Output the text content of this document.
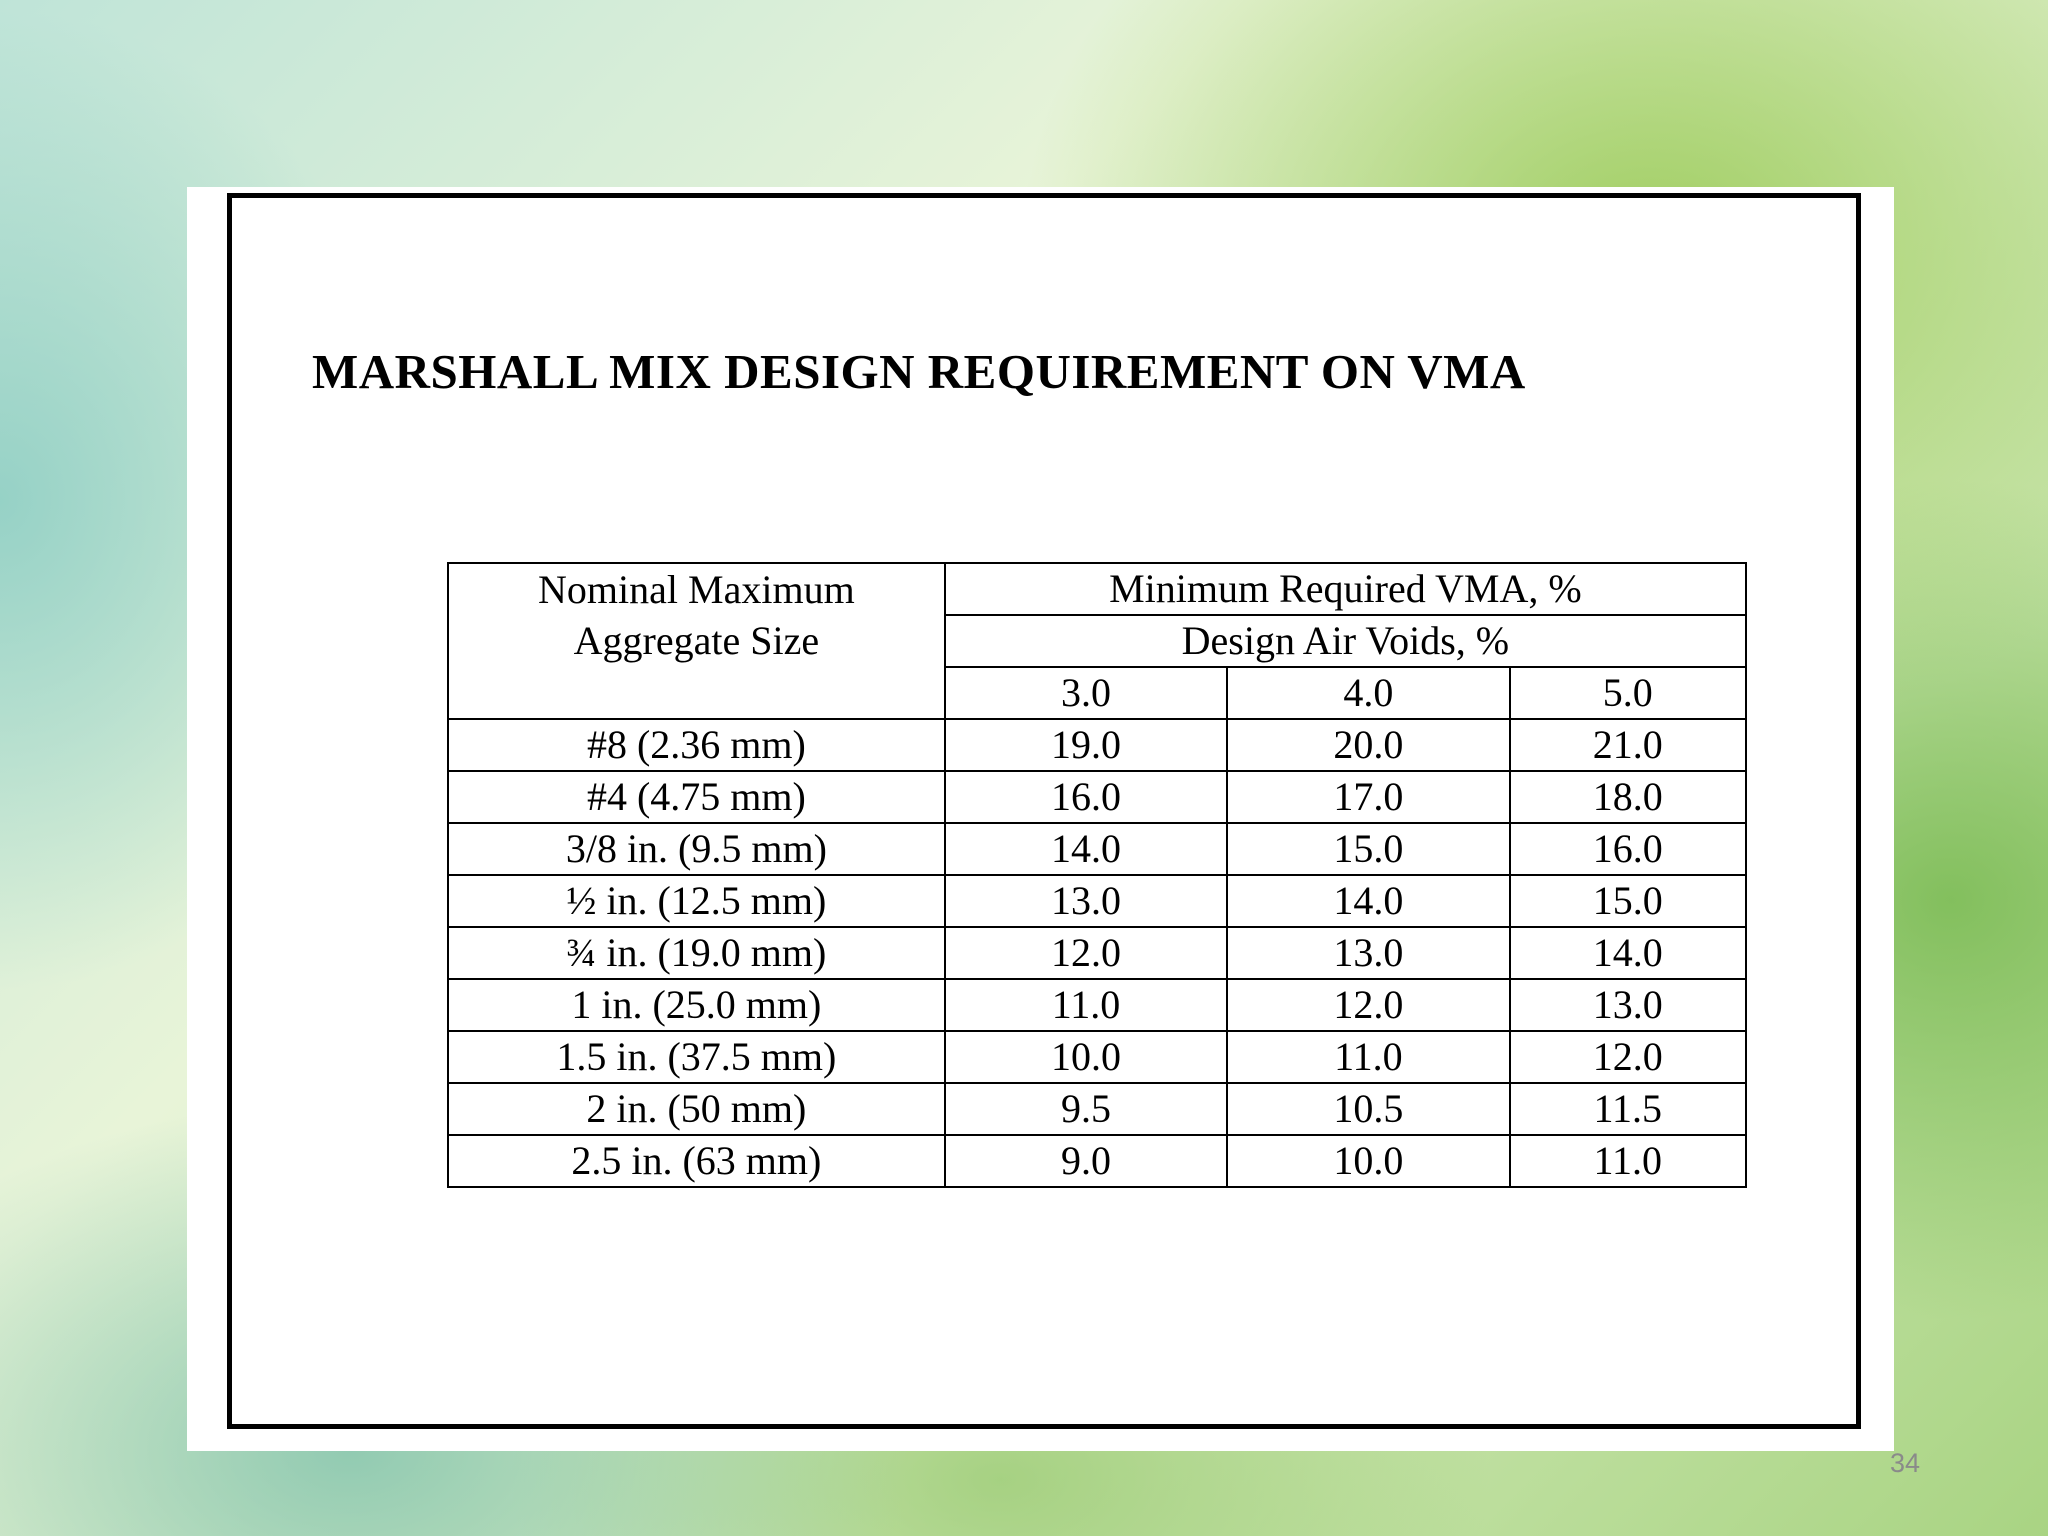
MARSHALL MIX DESIGN REQUIREMENT ON VMA
Nominal Maximum
Aggregate Size	Minimum Required VMA, %		
	Design Air Voids, %		
	3.0	4.0	5.0
#8 (2.36 mm)	19.0	20.0	21.0
#4 (4.75 mm)	16.0	17.0	18.0
3/8 in. (9.5 mm)	14.0	15.0	16.0
½ in. (12.5 mm)	13.0	14.0	15.0
¾ in. (19.0 mm)	12.0	13.0	14.0
1 in. (25.0 mm)	11.0	12.0	13.0
1.5 in. (37.5 mm)	10.0	11.0	12.0
2 in. (50 mm)	9.5	10.5	11.5
2.5 in. (63 mm)	9.0	10.0	11.0
34
